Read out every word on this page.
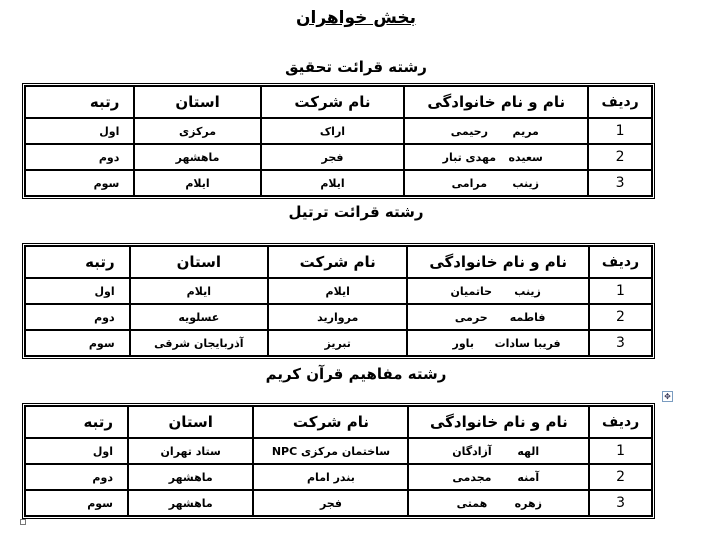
بخش خواهران
رشته قرائت تحقیق
ردیف	نام و نام خانوادگی	نام شرکت	استان	رتبه
1	مریم رحیمی	اراک	مرکزی	اول
2	سعیده مهدی تبار	فجر	ماهشهر	دوم
3	زینب مرامی	ایلام	ایلام	سوم
رشته قرائت ترتیل
ردیف	نام و نام خانوادگی	نام شرکت	استان	رتبه
1	زینب حاتمیان	ایلام	ایلام	اول
2	فاطمه حرمی	مروارید	عسلویه	دوم
3	فریبا سادات باور	تبریز	آذربایجان شرقی	سوم
رشته مفاهیم قرآن کریم
✥
ردیف	نام و نام خانوادگی	نام شرکت	استان	رتبه
1	الهه آزادگان	ساختمان مرکزی NPC	ستاد تهران	اول
2	آمنه مجدمی	بندر امام	ماهشهر	دوم
3	زهره همتی	فجر	ماهشهر	سوم
